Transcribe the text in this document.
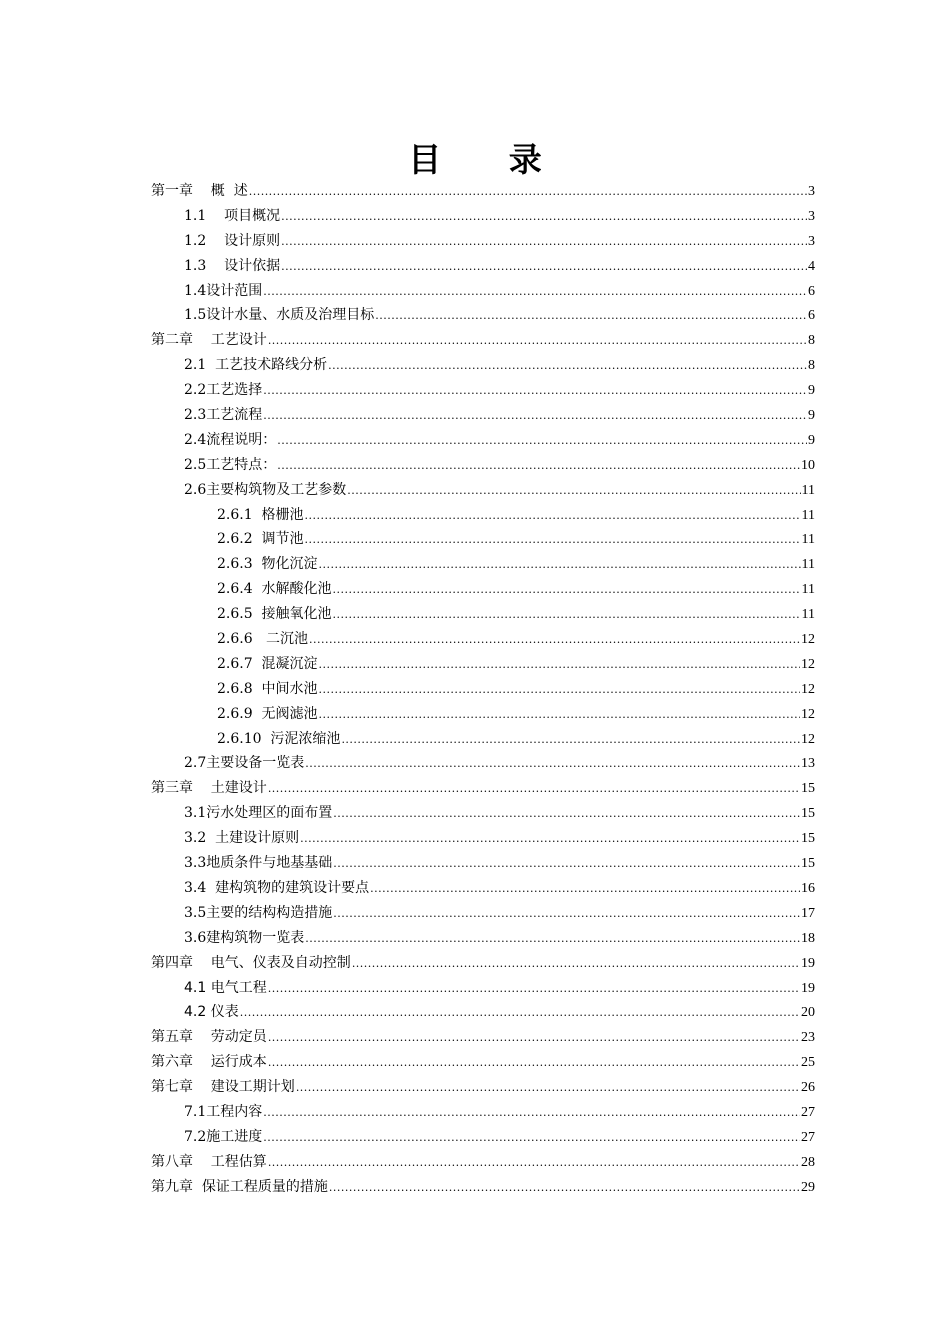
目 录
第一章    概  述 .....	3
1.1    项目概况 .....	3
1.2    设计原则 .....	3
1.3    设计依据 .....	4
1.4设计范围 .....	6
1.5设计水量、水质及治理目标 .....	6
第二章    工艺设计 .....	8
2.1  工艺技术路线分析 .....	8
2.2工艺选择 .....	9
2.3工艺流程 .....	9
2.4流程说明： .....	9
2.5工艺特点： .....	10
2.6主要构筑物及工艺参数 .....	11
2.6.1  格栅池 .....	11
2.6.2  调节池 .....	11
2.6.3  物化沉淀 .....	11
2.6.4  水解酸化池 .....	11
2.6.5  接触氧化池 .....	11
2.6.6   二沉池 .....	12
2.6.7  混凝沉淀 .....	12
2.6.8  中间水池 .....	12
2.6.9  无阀滤池 .....	12
2.6.10  污泥浓缩池 .....	12
2.7主要设备一览表 .....	13
第三章    土建设计 .....	15
3.1污水处理区的面布置 .....	15
3.2  土建设计原则 .....	15
3.3地质条件与地基基础 .....	15
3.4  建构筑物的建筑设计要点 .....	16
3.5主要的结构构造措施 .....	17
3.6建构筑物一览表 .....	18
第四章    电气、仪表及自动控制 .....	19
4.1 电气工程 .....	19
4.2 仪表 .....	20
第五章    劳动定员 .....	23
第六章    运行成本 .....	25
第七章    建设工期计划 .....	26
7.1工程内容 .....	27
7.2施工进度 .....	27
第八章    工程估算 .....	28
第九章  保证工程质量的措施 .....	29
